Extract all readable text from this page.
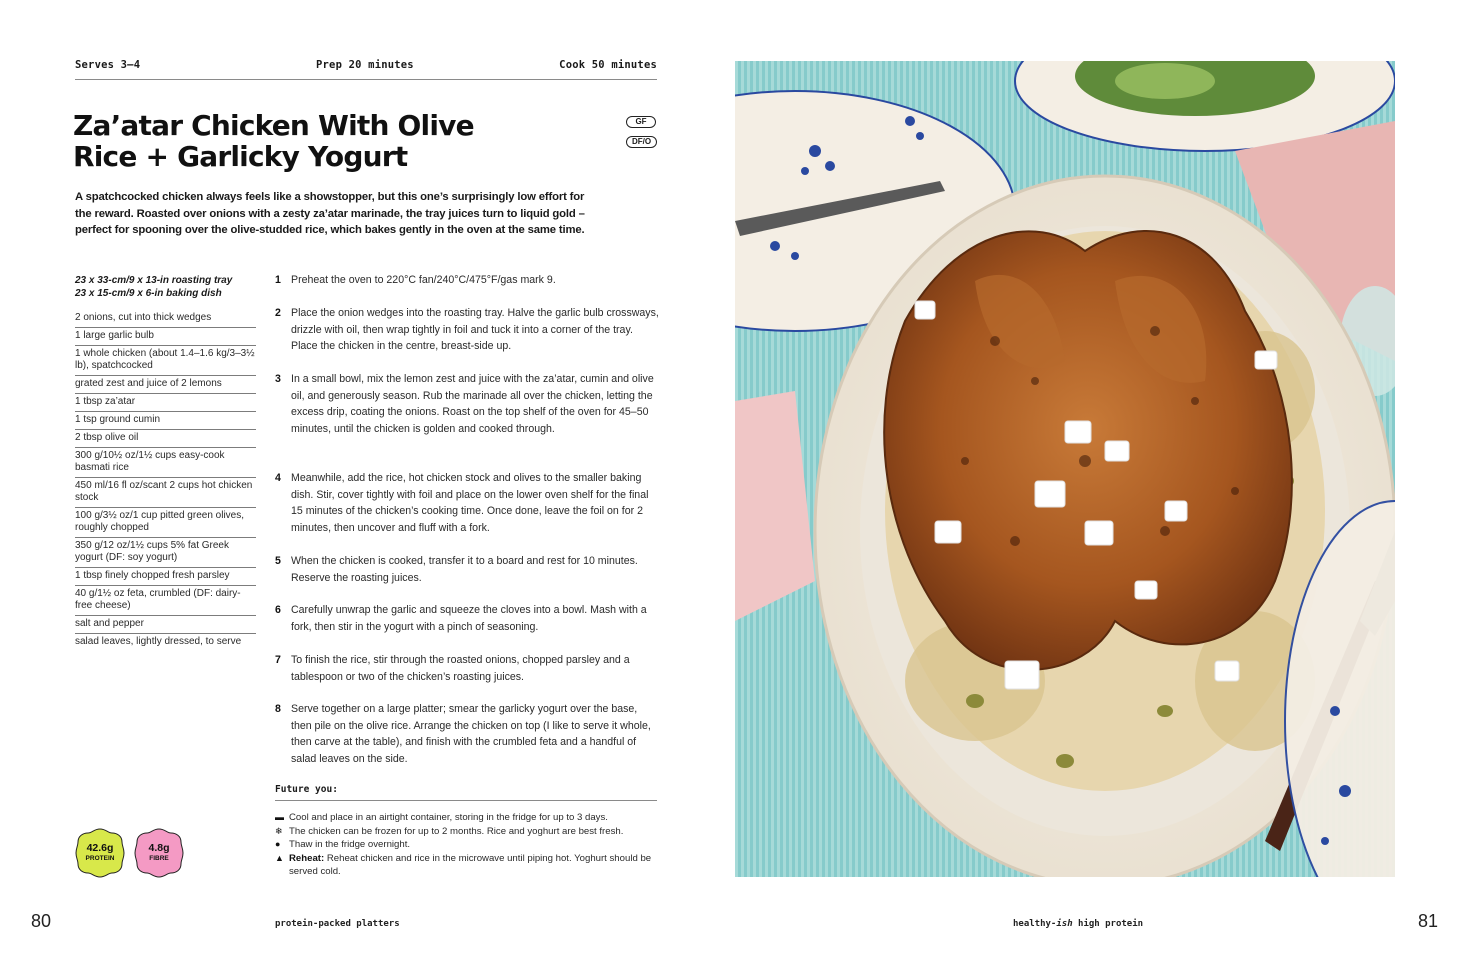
Serves 3–4	Prep 20 minutes	Cook 50 minutes
Za’atar Chicken With Olive
Rice + Garlicky Yogurt
GF
DF/O

A spatchcocked chicken always feels like a showstopper, but this one’s surprisingly low effort for the reward. Roasted over onions with a zesty za’atar marinade, the tray juices turn to liquid gold – perfect for spooning over the olive-studded rice, which bakes gently in the oven at the same time.

23 x 33-cm/9 x 13-in roasting tray
23 x 15-cm/9 x 6-in baking dish
2 onions, cut into thick wedges
1 large garlic bulb
1 whole chicken (about 1.4–1.6 kg/3–3½ lb), spatchcocked
grated zest and juice of 2 lemons
1 tbsp za’atar
1 tsp ground cumin
2 tbsp olive oil
300 g/10½ oz/1½ cups easy-cook basmati rice
450 ml/16 fl oz/scant 2 cups hot chicken stock
100 g/3½ oz/1 cup pitted green olives, roughly chopped
350 g/12 oz/1½ cups 5% fat Greek yogurt (DF: soy yogurt)
1 tbsp finely chopped fresh parsley
40 g/1½ oz feta, crumbled (DF: dairy-free cheese)
salt and pepper
salad leaves, lightly dressed, to serve
1 Preheat the oven to 220°C fan/240°C/475°F/gas mark 9.
2 Place the onion wedges into the roasting tray. Halve the garlic bulb crossways, drizzle with oil, then wrap tightly in foil and tuck it into a corner of the tray. Place the chicken in the centre, breast-side up.
3 In a small bowl, mix the lemon zest and juice with the za’atar, cumin and olive oil, and generously season. Rub the marinade all over the chicken, letting the excess drip, coating the onions. Roast on the top shelf of the oven for 45–50 minutes, until the chicken is golden and cooked through.
4 Meanwhile, add the rice, hot chicken stock and olives to the smaller baking dish. Stir, cover tightly with foil and place on the lower oven shelf for the final 15 minutes of the chicken’s cooking time. Once done, leave the foil on for 2 minutes, then uncover and fluff with a fork.
5 When the chicken is cooked, transfer it to a board and rest for 10 minutes. Reserve the roasting juices.
6 Carefully unwrap the garlic and squeeze the cloves into a bowl. Mash with a fork, then stir in the yogurt with a pinch of seasoning.
7 To finish the rice, stir through the roasted onions, chopped parsley and a tablespoon or two of the chicken’s roasting juices.
8 Serve together on a large platter; smear the garlicky yogurt over the base, then pile on the olive rice. Arrange the chicken on top (I like to serve it whole, then carve at the table), and finish with the crumbled feta and a handful of salad leaves on the side.
Future you:
▬ Cool and place in an airtight container, storing in the fridge for up to 3 days.
❄ The chicken can be frozen for up to 2 months. Rice and yoghurt are best fresh.
● Thaw in the fridge overnight.
▲ Reheat: Reheat chicken and rice in the microwave until piping hot. Yoghurt should be served cold.
42.6g
PROTEIN
4.8g
FIBRE
80	81
protein-packed platters	healthy-ish high protein
